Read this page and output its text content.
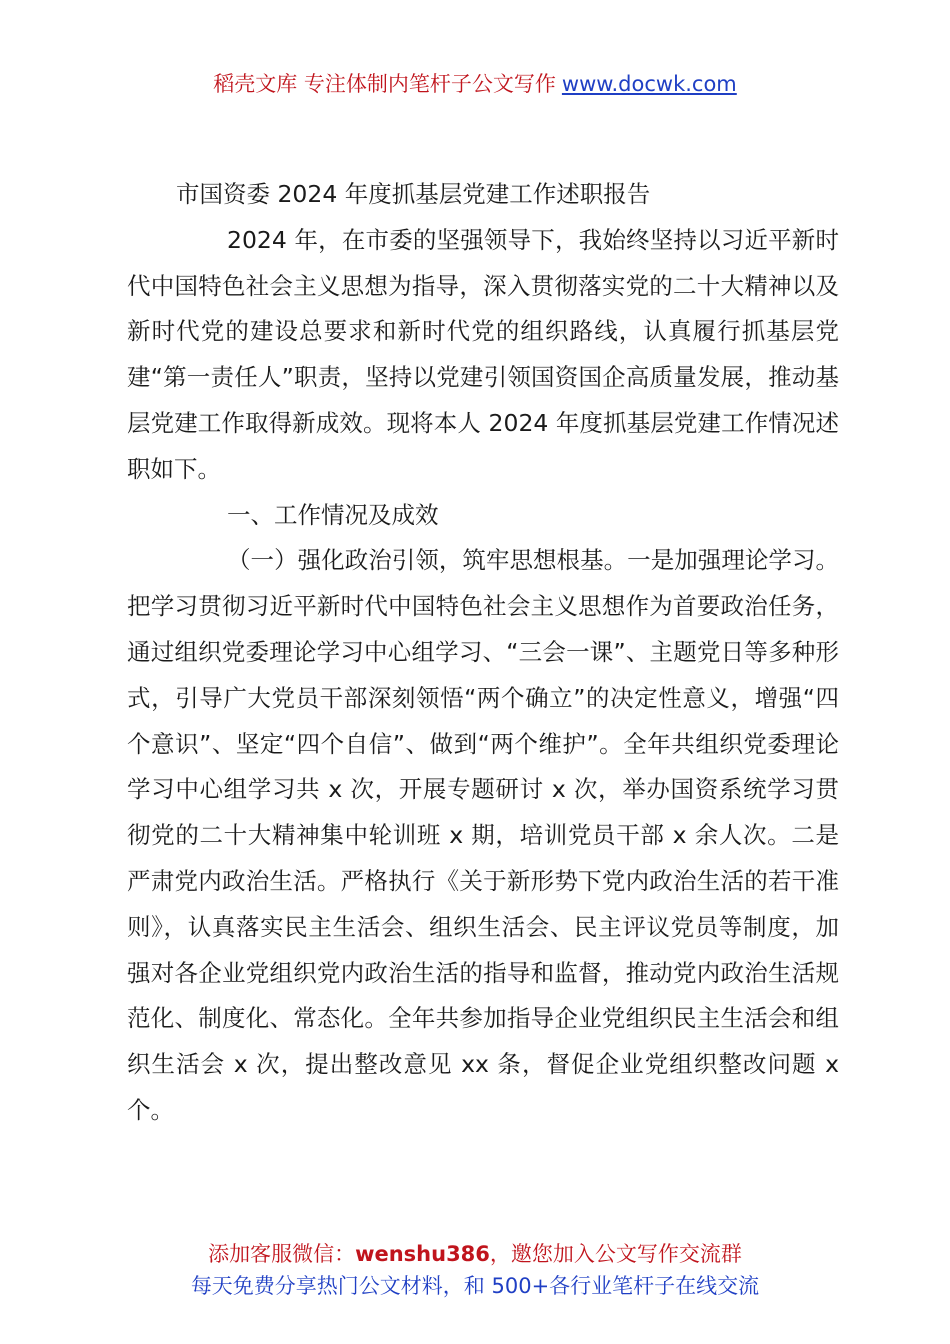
稻壳文库 专注体制内笔杆子公文写作 www.docwk.com

市国资委 2024 年度抓基层党建工作述职报告

2024 年，在市委的坚强领导下，我始终坚持以习近平新时代中国特色社会主义思想为指导，深入贯彻落实党的二十大精神以及新时代党的建设总要求和新时代党的组织路线，认真履行抓基层党建“第一责任人”职责，坚持以党建引领国资国企高质量发展，推动基层党建工作取得新成效。现将本人 2024 年度抓基层党建工作情况述职如下。

一、工作情况及成效

（一）强化政治引领，筑牢思想根基。一是加强理论学习。把学习贯彻习近平新时代中国特色社会主义思想作为首要政治任务，通过组织党委理论学习中心组学习、“三会一课”、主题党日等多种形式，引导广大党员干部深刻领悟“两个确立”的决定性意义，增强“四个意识”、坚定“四个自信”、做到“两个维护”。全年共组织党委理论学习中心组学习共 x 次，开展专题研讨 x 次，举办国资系统学习贯彻党的二十大精神集中轮训班 x 期，培训党员干部 x 余人次。二是严肃党内政治生活。严格执行《关于新形势下党内政治生活的若干准则》，认真落实民主生活会、组织生活会、民主评议党员等制度，加强对各企业党组织党内政治生活的指导和监督，推动党内政治生活规范化、制度化、常态化。全年共参加指导企业党组织民主生活会和组织生活会 x 次，提出整改意见 xx 条，督促企业党组织整改问题 x 个。

添加客服微信：wenshu386，邀您加入公文写作交流群
每天免费分享热门公文材料，和 500+各行业笔杆子在线交流
